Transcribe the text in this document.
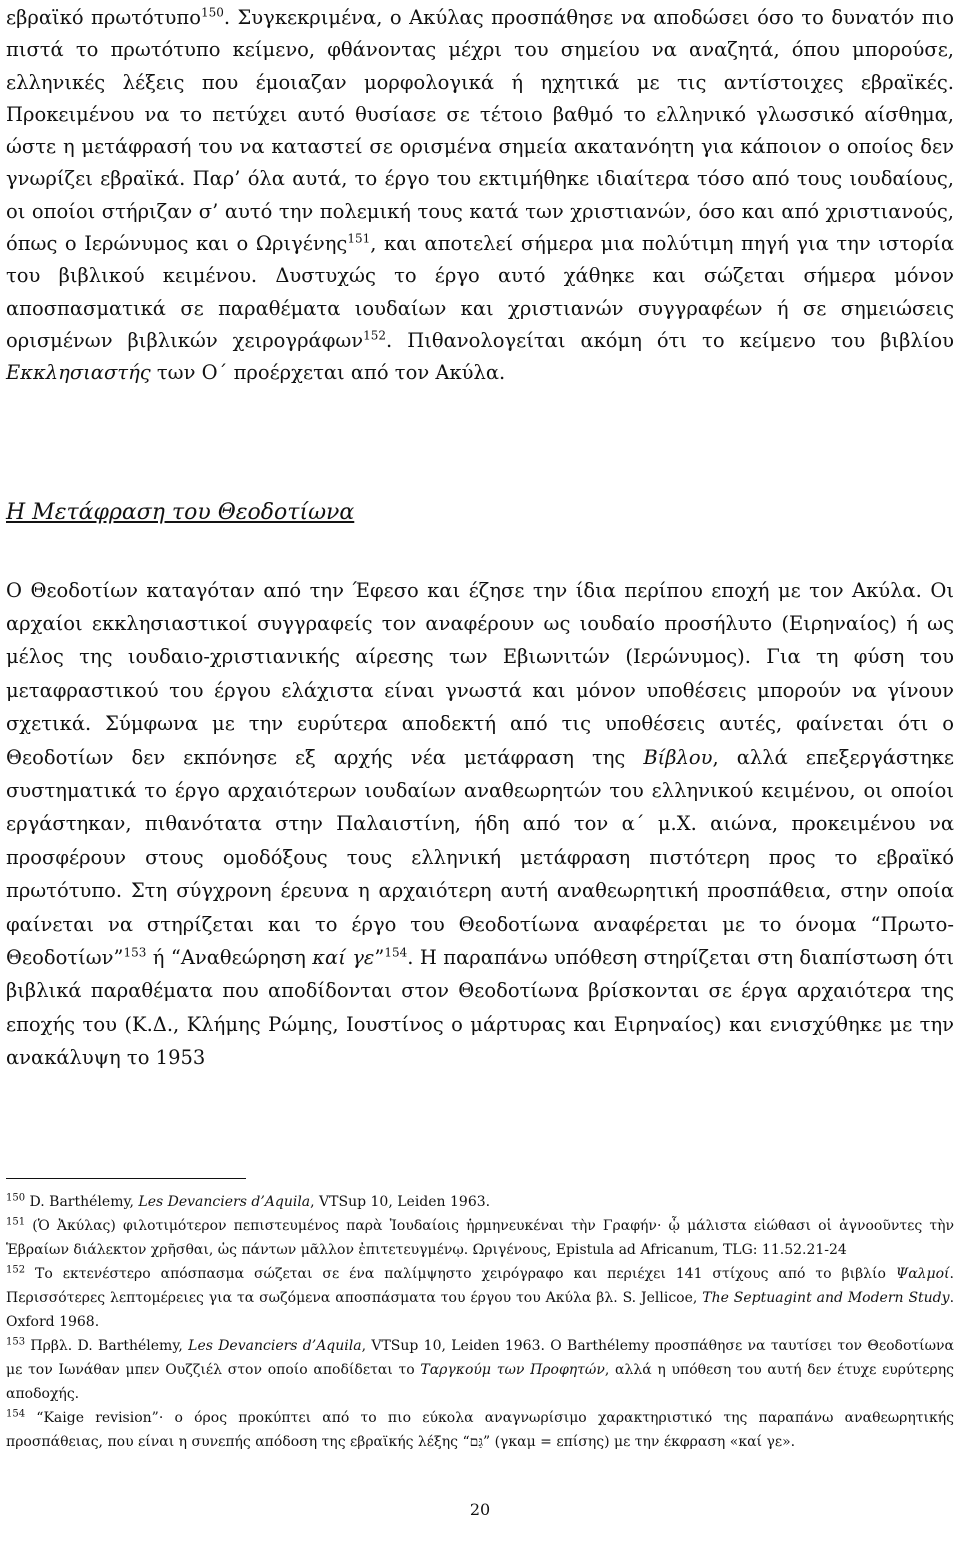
εβραϊκό πρωτότυπο$^{150}$. Συγκεκριμένα, ο Ακύλας προσπάθησε να αποδώσει όσο το δυνατόν πιο πιστά το πρωτότυπο κείμενο, φθάνοντας μέχρι του σημείου να αναζητά, όπου μπορούσε, ελληνικές λέξεις που έμοιαζαν μορφολογικά ή ηχητικά με τις αντίστοιχες εβραϊκές. Προκειμένου να το πετύχει αυτό θυσίασε σε τέτοιο βαθμό το ελληνικό γλωσσικό αίσθημα, ώστε η μετάφρασή του να καταστεί σε ορισμένα σημεία ακατανόητη για κάποιον ο οποίος δεν γνωρίζει εβραϊκά. Παρ’ όλα αυτά, το έργο του εκτιμήθηκε ιδιαίτερα τόσο από τους ιουδαίους, οι οποίοι στήριζαν σ’ αυτό την πολεμική τους κατά των χριστιανών, όσο και από χριστιανούς, όπως ο Ιερώνυμος και ο Ωριγένης$^{151}$, και αποτελεί σήμερα μια πολύτιμη πηγή για την ιστορία του βιβλικού κειμένου. Δυστυχώς το έργο αυτό χάθηκε και σώζεται σήμερα μόνον αποσπασματικά σε παραθέματα ιουδαίων και χριστιανών συγγραφέων ή σε σημειώσεις ορισμένων βιβλικών χειρογράφων$^{152}$. Πιθανολογείται ακόμη ότι το κείμενο του βιβλίου Εκκλησιαστής των Ο΄ προέρχεται από τον Ακύλα.

Η Μετάφραση του Θεοδοτίωνα

Ο Θεοδοτίων καταγόταν από την Έφεσο και έζησε την ίδια περίπου εποχή με τον Ακύλα. Οι αρχαίοι εκκλησιαστικοί συγγραφείς τον αναφέρουν ως ιουδαίο προσήλυτο (Ειρηναίος) ή ως μέλος της ιουδαιο-χριστιανικής αίρεσης των Εβιωνιτών (Ιερώνυμος). Για τη φύση του μεταφραστικού του έργου ελάχιστα είναι γνωστά και μόνον υποθέσεις μπορούν να γίνουν σχετικά. Σύμφωνα με την ευρύτερα αποδεκτή από τις υποθέσεις αυτές, φαίνεται ότι ο Θεοδοτίων δεν εκπόνησε εξ αρχής νέα μετάφραση της Βίβλου, αλλά επεξεργάστηκε συστηματικά το έργο αρχαιότερων ιουδαίων αναθεωρητών του ελληνικού κειμένου, οι οποίοι εργάστηκαν, πιθανότατα στην Παλαιστίνη, ήδη από τον α΄ μ.Χ. αιώνα, προκειμένου να προσφέρουν στους ομοδόξους τους ελληνική μετάφραση πιστότερη προς το εβραϊκό πρωτότυπο. Στη σύγχρονη έρευνα η αρχαιότερη αυτή αναθεωρητική προσπάθεια, στην οποία φαίνεται να στηρίζεται και το έργο του Θεοδοτίωνα αναφέρεται με το όνομα “Πρωτο-Θεοδοτίων”$^{153}$ ή “Αναθεώρηση καί γε”$^{154}$. Η παραπάνω υπόθεση στηρίζεται στη διαπίστωση ότι βιβλικά παραθέματα που αποδίδονται στον Θεοδοτίωνα βρίσκονται σε έργα αρχαιότερα της εποχής του (Κ.Δ., Κλήμης Ρώμης, Ιουστίνος ο μάρτυρας και Ειρηναίος) και ενισχύθηκε με την ανακάλυψη το 1953

$^{150}$ D. Barthélemy, Les Devanciers d’Aquila, VTSup 10, Leiden 1963.

$^{151}$ (Ὁ Ἀκύλας) φιλοτιμότερον πεπιστευμένος παρὰ Ἰουδαίοις ἡρμηνευκέναι τὴν Γραφήν· ᾧ μάλιστα εἰώθασι οἱ ἀγνοοῦντες τὴν Ἑβραίων διάλεκτον χρῆσθαι, ὡς πάντων μᾶλλον ἐπιτετευγμένῳ. Ωριγένους, Epistula ad Africanum, TLG: 11.52.21-24

$^{152}$ Το εκτενέστερο απόσπασμα σώζεται σε ένα παλίμψηστο χειρόγραφο και περιέχει 141 στίχους από το βιβλίο Ψαλμοί. Περισσότερες λεπτομέρειες για τα σωζόμενα αποσπάσματα του έργου του Ακύλα βλ. S. Jellicoe, The Septuagint and Modern Study. Oxford 1968.

$^{153}$ Πρβλ. D. Barthélemy, Les Devanciers d’Aquila, VTSup 10, Leiden 1963. O Barthélemy προσπάθησε να ταυτίσει τον Θεοδοτίωνα με τον Ιωνάθαν μπεν Ουζζιέλ στον οποίο αποδίδεται το Ταργκούμ των Προφητών, αλλά η υπόθεση του αυτή δεν έτυχε ευρύτερης αποδοχής.

$^{154}$ “Kaige revision”· ο όρος προκύπτει από το πιο εύκολα αναγνωρίσιμο χαρακτηριστικό της παραπάνω αναθεωρητικής προσπάθειας, που είναι η συνεπής απόδοση της εβραϊκής λέξης “גַּם” (γκαμ = επίσης) με την έκφραση «καί γε».

20
